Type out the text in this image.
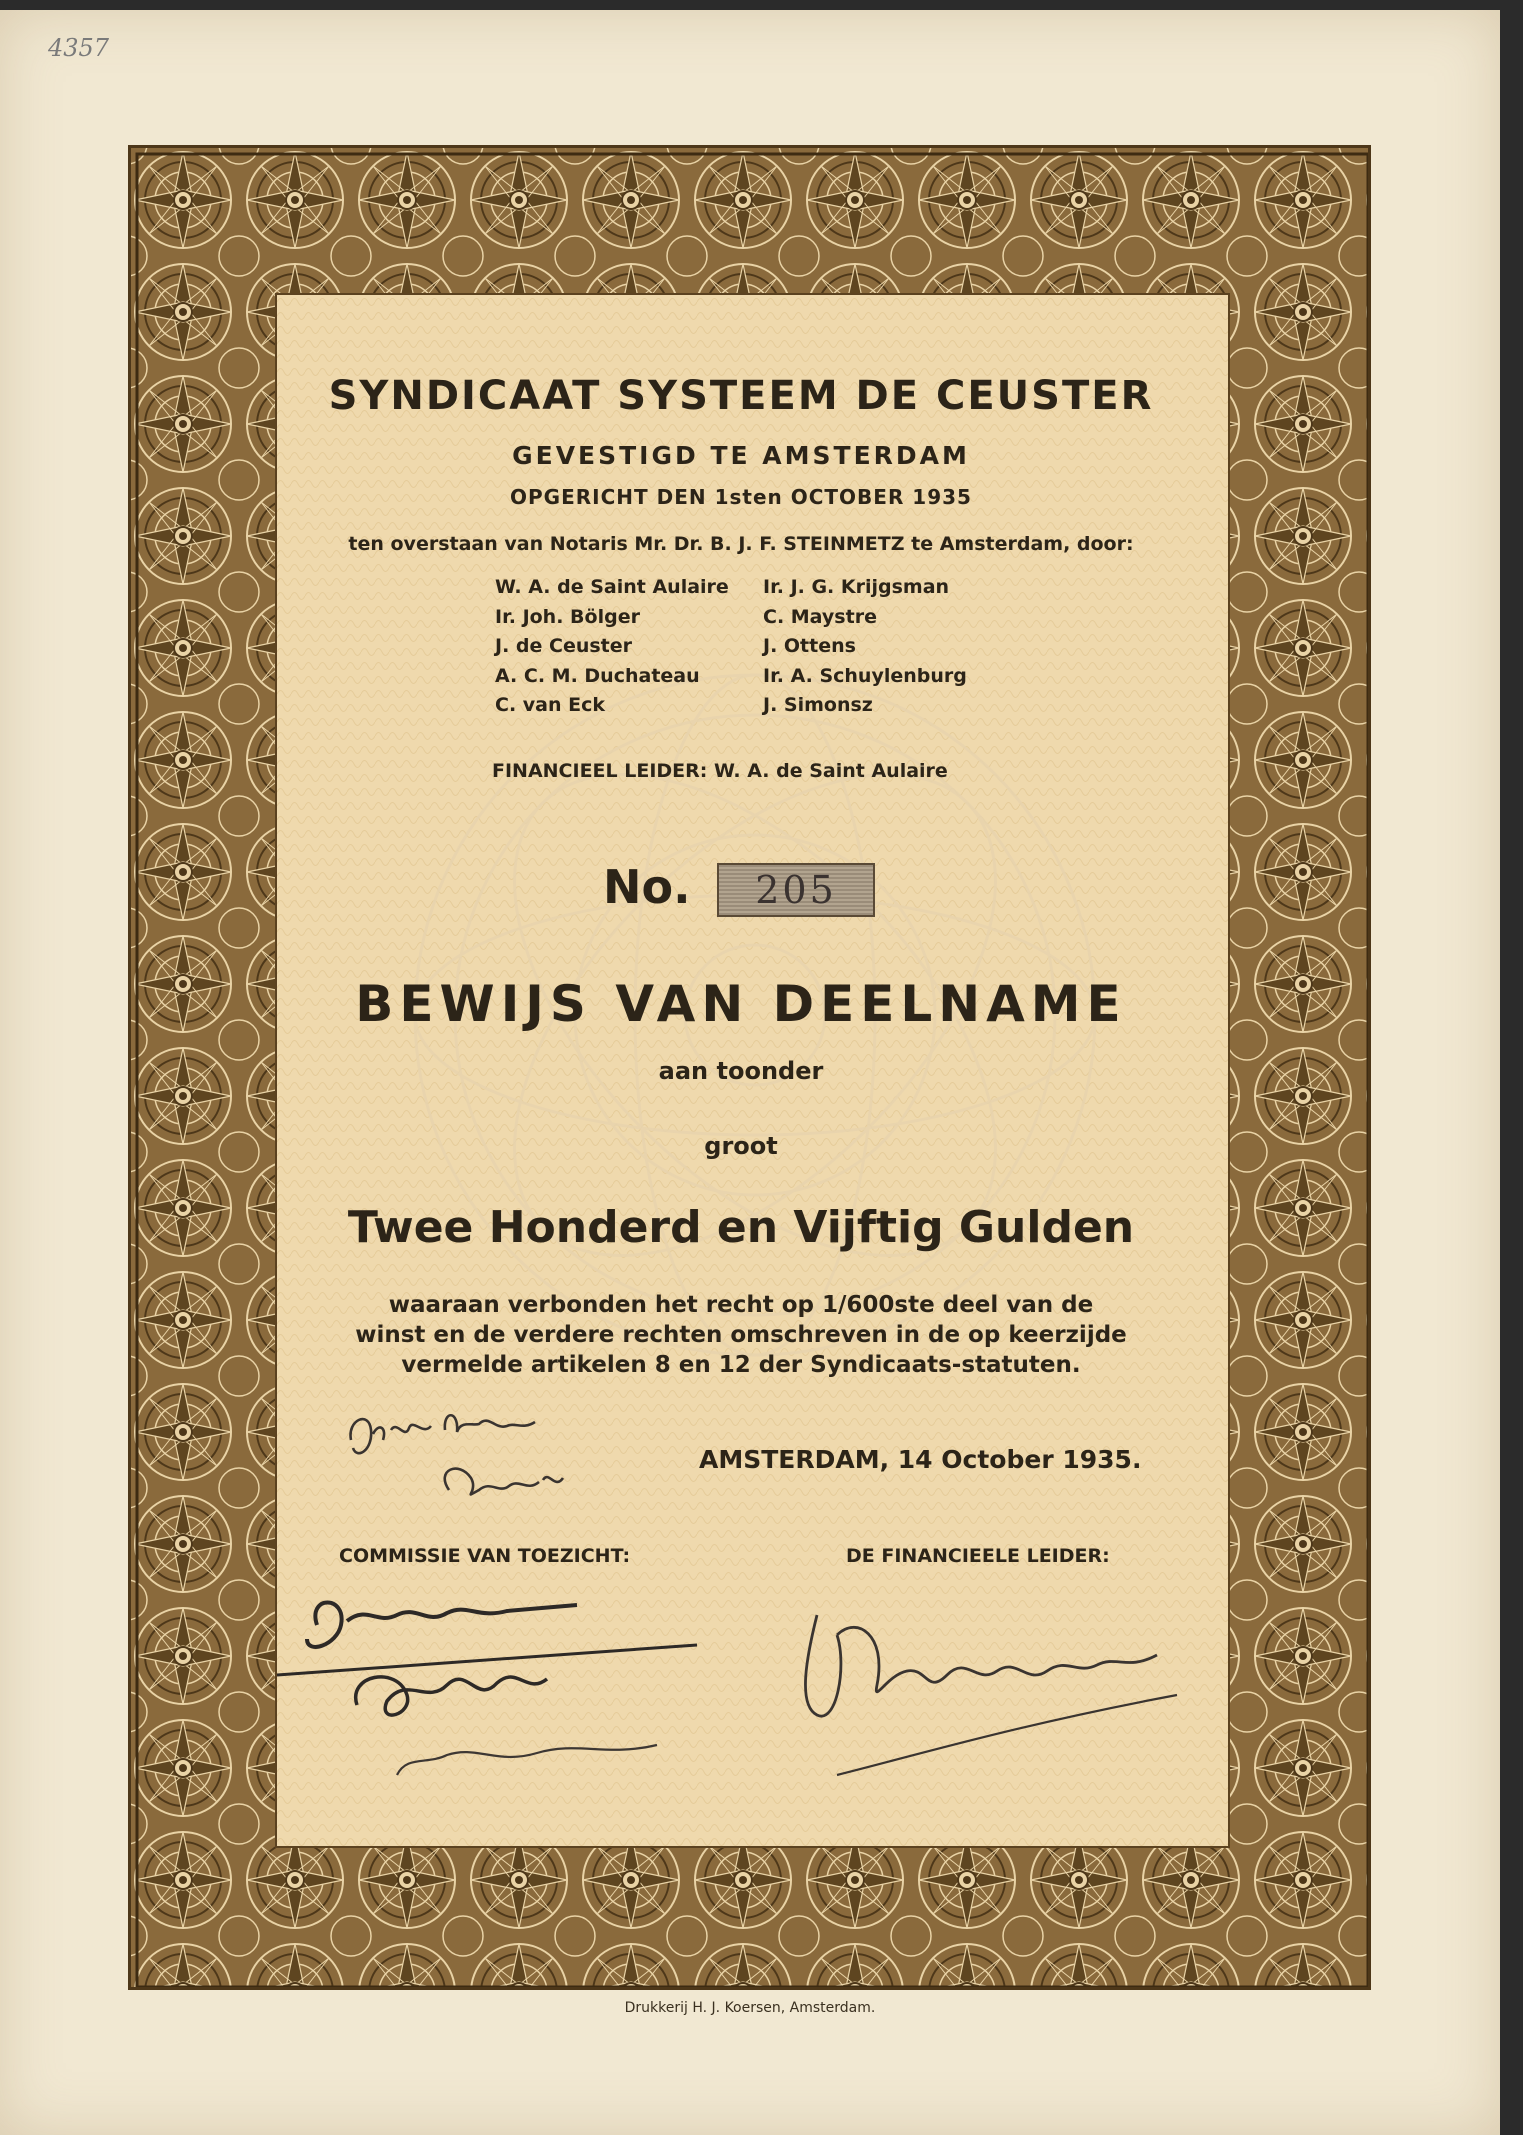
4357
SYNDICAAT SYSTEEM DE CEUSTER
GEVESTIGD TE AMSTERDAM
OPGERICHT DEN 1sten OCTOBER 1935
ten overstaan van Notaris Mr. Dr. B. J. F. STEINMETZ te Amsterdam, door:
W. A. de Saint Aulaire
Ir. Joh. Bölger
J. de Ceuster
A. C. M. Duchateau
C. van Eck
Ir. J. G. Krijgsman
C. Maystre
J. Ottens
Ir. A. Schuylenburg
J. Simonsz
FINANCIEEL LEIDER: W. A. de Saint Aulaire
No.	205
BEWIJS VAN DEELNAME
aan toonder
groot
Twee Honderd en Vijftig Gulden
waaraan verbonden het recht op 1/600ste deel van de
winst en de verdere rechten omschreven in de op keerzijde
vermelde artikelen 8 en 12 der Syndicaats-statuten.
AMSTERDAM, 14 October 1935.
COMMISSIE VAN TOEZICHT:	DE FINANCIEELE LEIDER:
Drukkerij H. J. Koersen, Amsterdam.
